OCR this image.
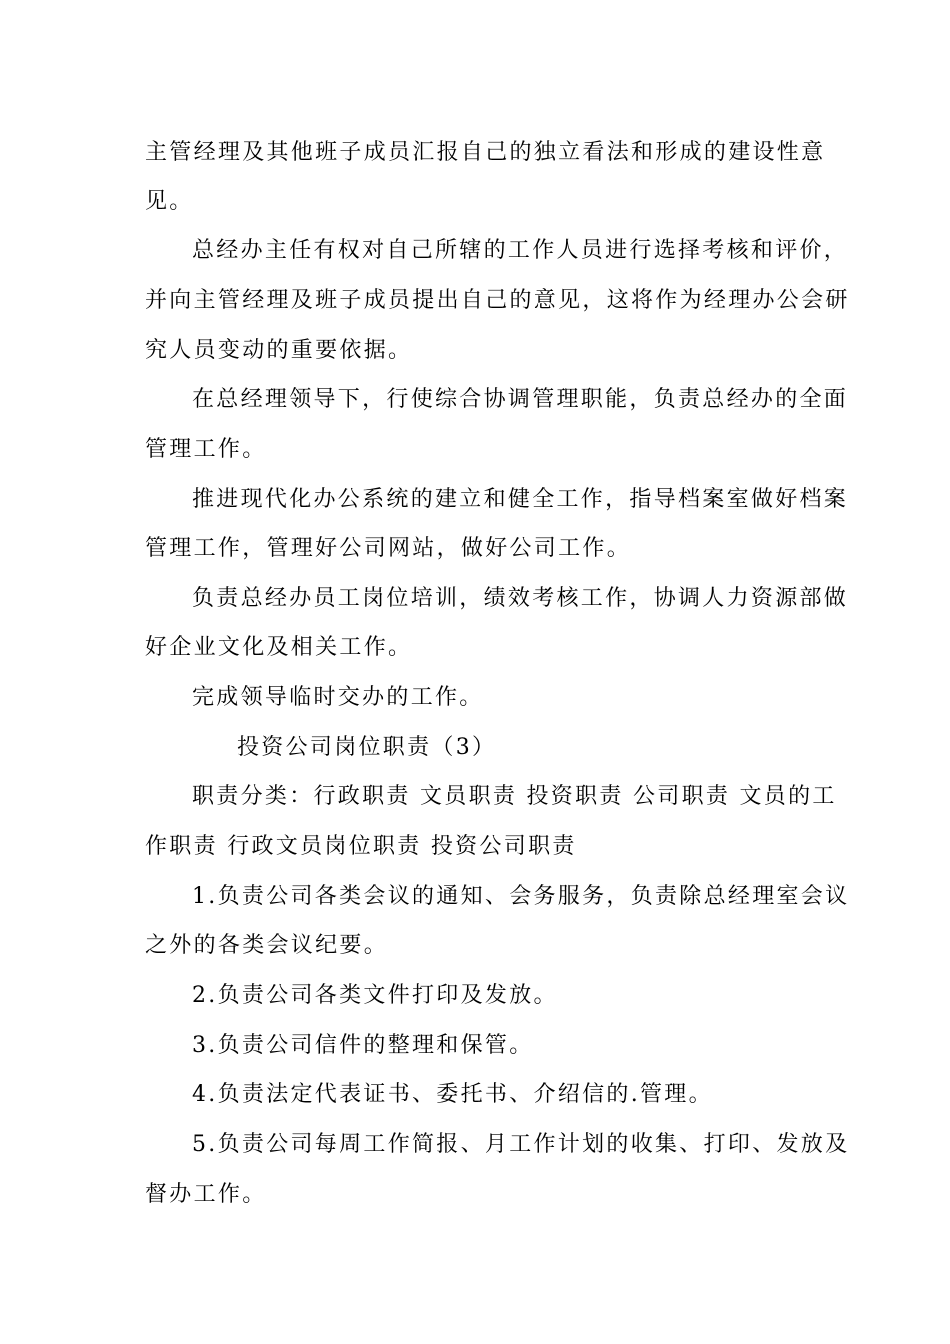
主管经理及其他班子成员汇报自己的独立看法和形成的建设性意
见。
总经办主任有权对自己所辖的工作人员进行选择考核和评价，
并向主管经理及班子成员提出自己的意见，这将作为经理办公会研
究人员变动的重要依据。
在总经理领导下，行使综合协调管理职能，负责总经办的全面
管理工作。
推进现代化办公系统的建立和健全工作，指导档案室做好档案
管理工作，管理好公司网站，做好公司工作。
负责总经办员工岗位培训，绩效考核工作，协调人力资源部做
好企业文化及相关工作。
完成领导临时交办的工作。
投资公司岗位职责（3）
职责分类：行政职责 文员职责 投资职责 公司职责 文员的工
作职责 行政文员岗位职责 投资公司职责
1.负责公司各类会议的通知、会务服务，负责除总经理室会议
之外的各类会议纪要。
2.负责公司各类文件打印及发放。
3.负责公司信件的整理和保管。
4.负责法定代表证书、委托书、介绍信的.管理。
5.负责公司每周工作简报、月工作计划的收集、打印、发放及
督办工作。
